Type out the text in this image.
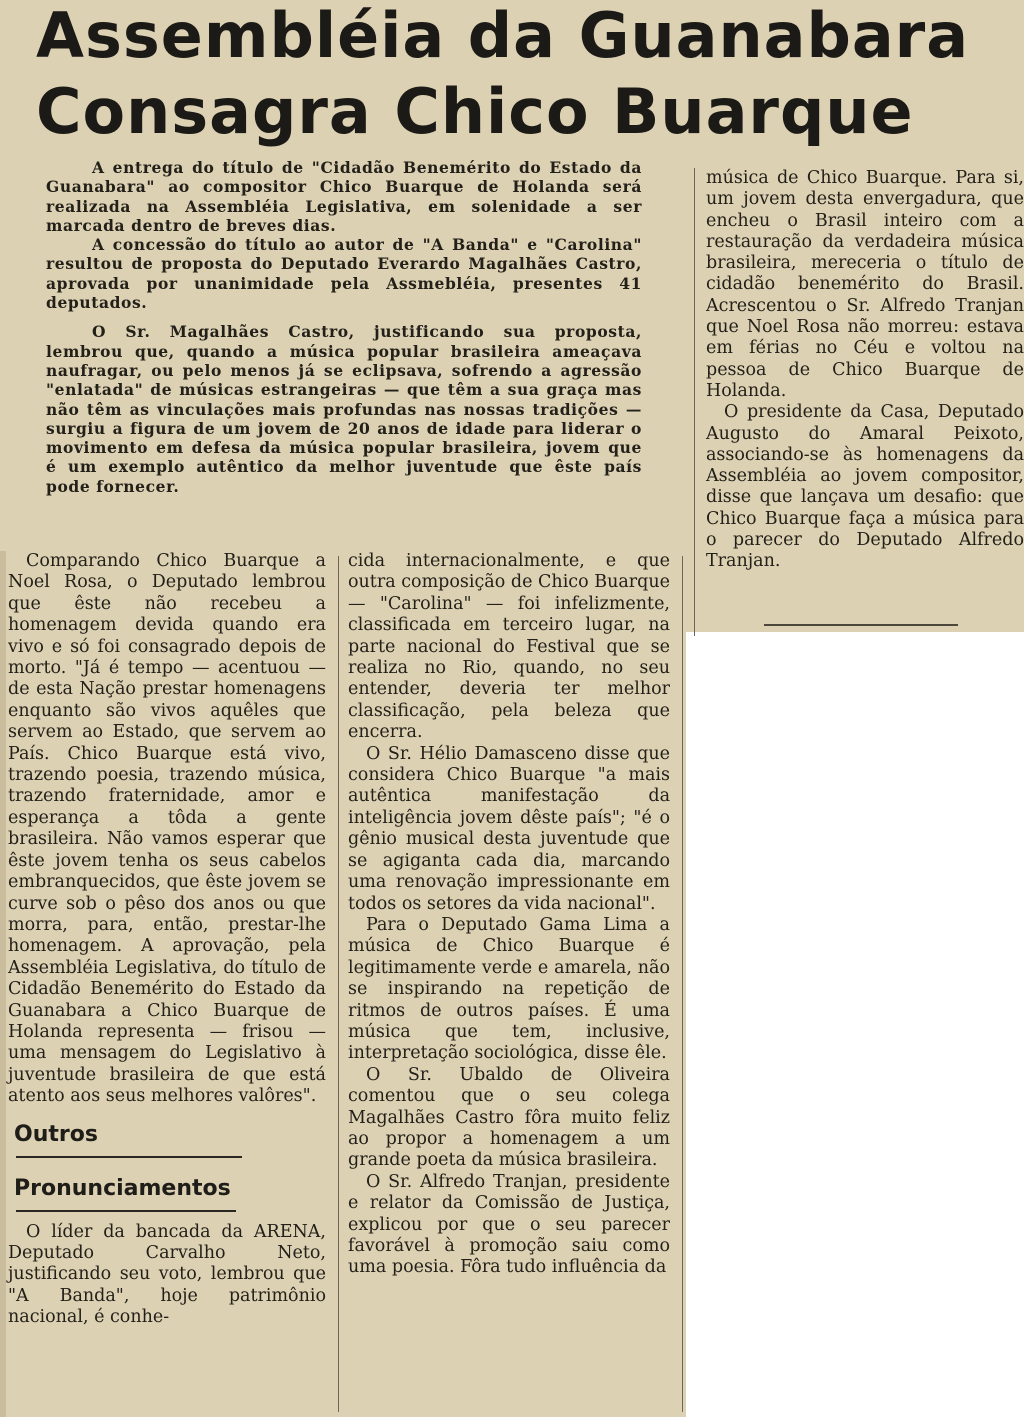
Assembléia da Guanabara
Consagra Chico Buarque

A entrega do título de "Cidadão Benemérito do Estado da Guanabara" ao compositor Chico Buarque de Holanda será realizada na Assembléia Legislativa, em solenidade a ser marcada dentro de breves dias.

A concessão do título ao autor de "A Banda" e "Carolina" resultou de proposta do Deputado Everardo Magalhães Castro, aprovada por unanimidade pela Assmebléia, presentes 41 deputados.

O Sr. Magalhães Castro, justificando sua proposta, lembrou que, quando a música popular brasileira ameaçava naufragar, ou pelo menos já se eclipsava, sofrendo a agressão "enlatada" de músicas estrangeiras — que têm a sua graça mas não têm as vinculações mais profundas nas nossas tradições — surgiu a figura de um jovem de 20 anos de idade para liderar o movimento em defesa da música popular brasileira, jovem que é um exemplo autêntico da melhor juventude que êste país pode fornecer.

Comparando Chico Buarque a Noel Rosa, o Deputado lembrou que êste não recebeu a homenagem devida quando era vivo e só foi consagrado depois de morto. "Já é tempo — acentuou — de esta Nação prestar homenagens enquanto são vivos aquêles que servem ao Estado, que servem ao País. Chico Buarque está vivo, trazendo poesia, trazendo música, trazendo fraternidade, amor e esperança a tôda a gente brasileira. Não vamos esperar que êste jovem tenha os seus cabelos embranquecidos, que êste jovem se curve sob o pêso dos anos ou que morra, para, então, prestar-lhe homenagem. A aprovação, pela Assembléia Legislativa, do título de Cidadão Benemérito do Estado da Guanabara a Chico Buarque de Holanda representa — frisou — uma mensagem do Legislativo à juventude brasileira de que está atento aos seus melhores valôres".

Outros
Pronunciamentos

O líder da bancada da ARENA, Deputado Carvalho Neto, justificando seu voto, lembrou que "A Banda", hoje patrimônio nacional, é conhe-

cida internacionalmente, e que outra composição de Chico Buarque — "Carolina" — foi infelizmente, classificada em terceiro lugar, na parte nacional do Festival que se realiza no Rio, quando, no seu entender, deveria ter melhor classificação, pela beleza que encerra.

O Sr. Hélio Damasceno disse que considera Chico Buarque "a mais autêntica manifestação da inteligência jovem dêste país"; "é o gênio musical desta juventude que se agiganta cada dia, marcando uma renovação impressionante em todos os setores da vida nacional".

Para o Deputado Gama Lima a música de Chico Buarque é legitimamente verde e amarela, não se inspirando na repetição de ritmos de outros países. É uma música que tem, inclusive, interpretação sociológica, disse êle.

O Sr. Ubaldo de Oliveira comentou que o seu colega Magalhães Castro fôra muito feliz ao propor a homenagem a um grande poeta da música brasileira.

O Sr. Alfredo Tranjan, presidente e relator da Comissão de Justiça, explicou por que o seu parecer favorável à promoção saiu como uma poesia. Fôra tudo influência da

música de Chico Buarque. Para si, um jovem desta envergadura, que encheu o Brasil inteiro com a restauração da verdadeira música brasileira, mereceria o título de cidadão benemérito do Brasil. Acrescentou o Sr. Alfredo Tranjan que Noel Rosa não morreu: estava em férias no Céu e voltou na pessoa de Chico Buarque de Holanda.

O presidente da Casa, Deputado Augusto do Amaral Peixoto, associando-se às homenagens da Assembléia ao jovem compositor, disse que lançava um desafio: que Chico Buarque faça a música para o parecer do Deputado Alfredo Tranjan.
